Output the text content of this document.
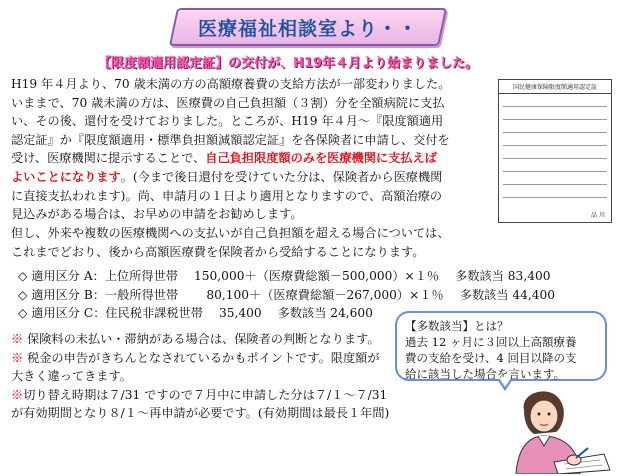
医療福祉相談室より・・
【限度額適用認定証】の交付が、H19年４月より始まりました。

H19 年４月より、70 歳未満の方の高額療養費の支給方法が一部変わりました。

いままで、70 歳未満の方は、医療費の自己負担額（３割）分を全額病院に支払

い、その後、還付を受けておりました。ところが、H19 年４月～『限度額適用

認定証』か『限度額適用・標準負担額減額認定証』を各保険者に申請し、交付を

受け、医療機関に提示することで、自己負担限度額のみを医療機関に支払えば

よいことになります。(今まで後日還付を受けていた分は、保険者から医療機関

に直接支払われます)。尚、申請月の１日より適用となりますので、高額治療の

見込みがある場合は、お早めの申請をお勧めします。

但し、外来や複数の医療機関への支払いが自己負担額を超える場合については、

これまでどおり、後から高額医療費を保険者から受給することになります。

国民健康保険限度額適用認定証
品 川
◇ 適用区分 A：上位所得世帯　 150,000＋（医療費総額－500,000）×１％　 多数該当 83,400
◇ 適用区分 B：一般所得世帯　　 80,100＋（医療費総額－267,000）×１％　 多数該当 44,400
◇ 適用区分 C：住民税非課税世帯　 35,400　 多数該当 24,600
※ 保険料の未払い・滞納がある場合は、保険者の判断となります。
※ 税金の申告がきちんとなされているかもポイントです。限度額が
大きく違ってきます。
※切り替え時期は７/31 ですので７月中に申請した分は７/１～７/31
が有効期間となり８/１～再申請が必要です。(有効期間は最長１年間)
【多数該当】とは？
過去 12 ヶ月に３回以上高額療養
費の支給を受け、4 回目以降の支
給に該当した場合を言います。
